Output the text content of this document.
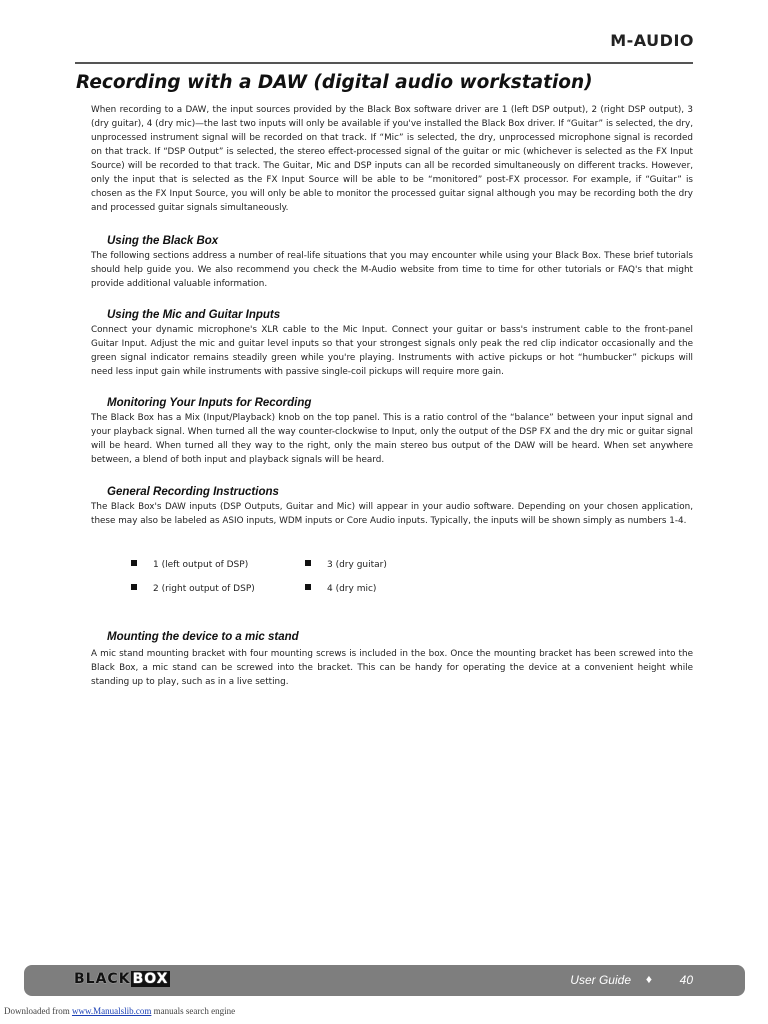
M-AUDIO
Recording with a DAW (digital audio workstation)

When recording to a DAW, the input sources provided by the Black Box software driver are 1 (left DSP output), 2 (right DSP output), 3 (dry guitar), 4 (dry mic)—the last two inputs will only be available if you've installed the Black Box driver. If “Guitar” is selected, the dry, unprocessed instrument signal will be recorded on that track. If “Mic” is selected, the dry, unprocessed microphone signal is recorded on that track. If “DSP Output” is selected, the stereo effect-processed signal of the guitar or mic (whichever is selected as the FX Input Source) will be recorded to that track. The Guitar, Mic and DSP inputs can all be recorded simultaneously on different tracks. However, only the input that is selected as the FX Input Source will be able to be “monitored” post-FX processor. For example, if “Guitar” is chosen as the FX Input Source, you will only be able to monitor the processed guitar signal although you may be recording both the dry and processed guitar signals simultaneously.

Using the Black Box

The following sections address a number of real-life situations that you may encounter while using your Black Box. These brief tutorials should help guide you. We also recommend you check the M-Audio website from time to time for other tutorials or FAQ's that might provide additional valuable information.

Using the Mic and Guitar Inputs

Connect your dynamic microphone's XLR cable to the Mic Input. Connect your guitar or bass's instrument cable to the front-panel Guitar Input. Adjust the mic and guitar level inputs so that your strongest signals only peak the red clip indicator occasionally and the green signal indicator remains steadily green while you're playing. Instruments with active pickups or hot “humbucker” pickups will need less input gain while instruments with passive single-coil pickups will require more gain.

Monitoring Your Inputs for Recording

The Black Box has a Mix (Input/Playback) knob on the top panel. This is a ratio control of the “balance” between your input signal and your playback signal. When turned all the way counter-clockwise to Input, only the output of the DSP FX and the dry mic or guitar signal will be heard. When turned all they way to the right, only the main stereo bus output of the DAW will be heard. When set anywhere between, a blend of both input and playback signals will be heard.

General Recording Instructions

The Black Box's DAW inputs (DSP Outputs, Guitar and Mic) will appear in your audio software. Depending on your chosen application, these may also be labeled as ASIO inputs, WDM inputs or Core Audio inputs. Typically, the inputs will be shown simply as numbers 1-4.

1 (left output of DSP)	3 (dry guitar)
2 (right output of DSP)	4 (dry mic)
Mounting the device to a mic stand

A mic stand mounting bracket with four mounting screws is included in the box. Once the mounting bracket has been screwed into the Black Box, a mic stand can be screwed into the bracket. This can be handy for operating the device at a convenient height while standing up to play, such as in a live setting.

BLACK BOX	User Guide ♦ 40
Downloaded from www.Manualslib.com manuals search engine
